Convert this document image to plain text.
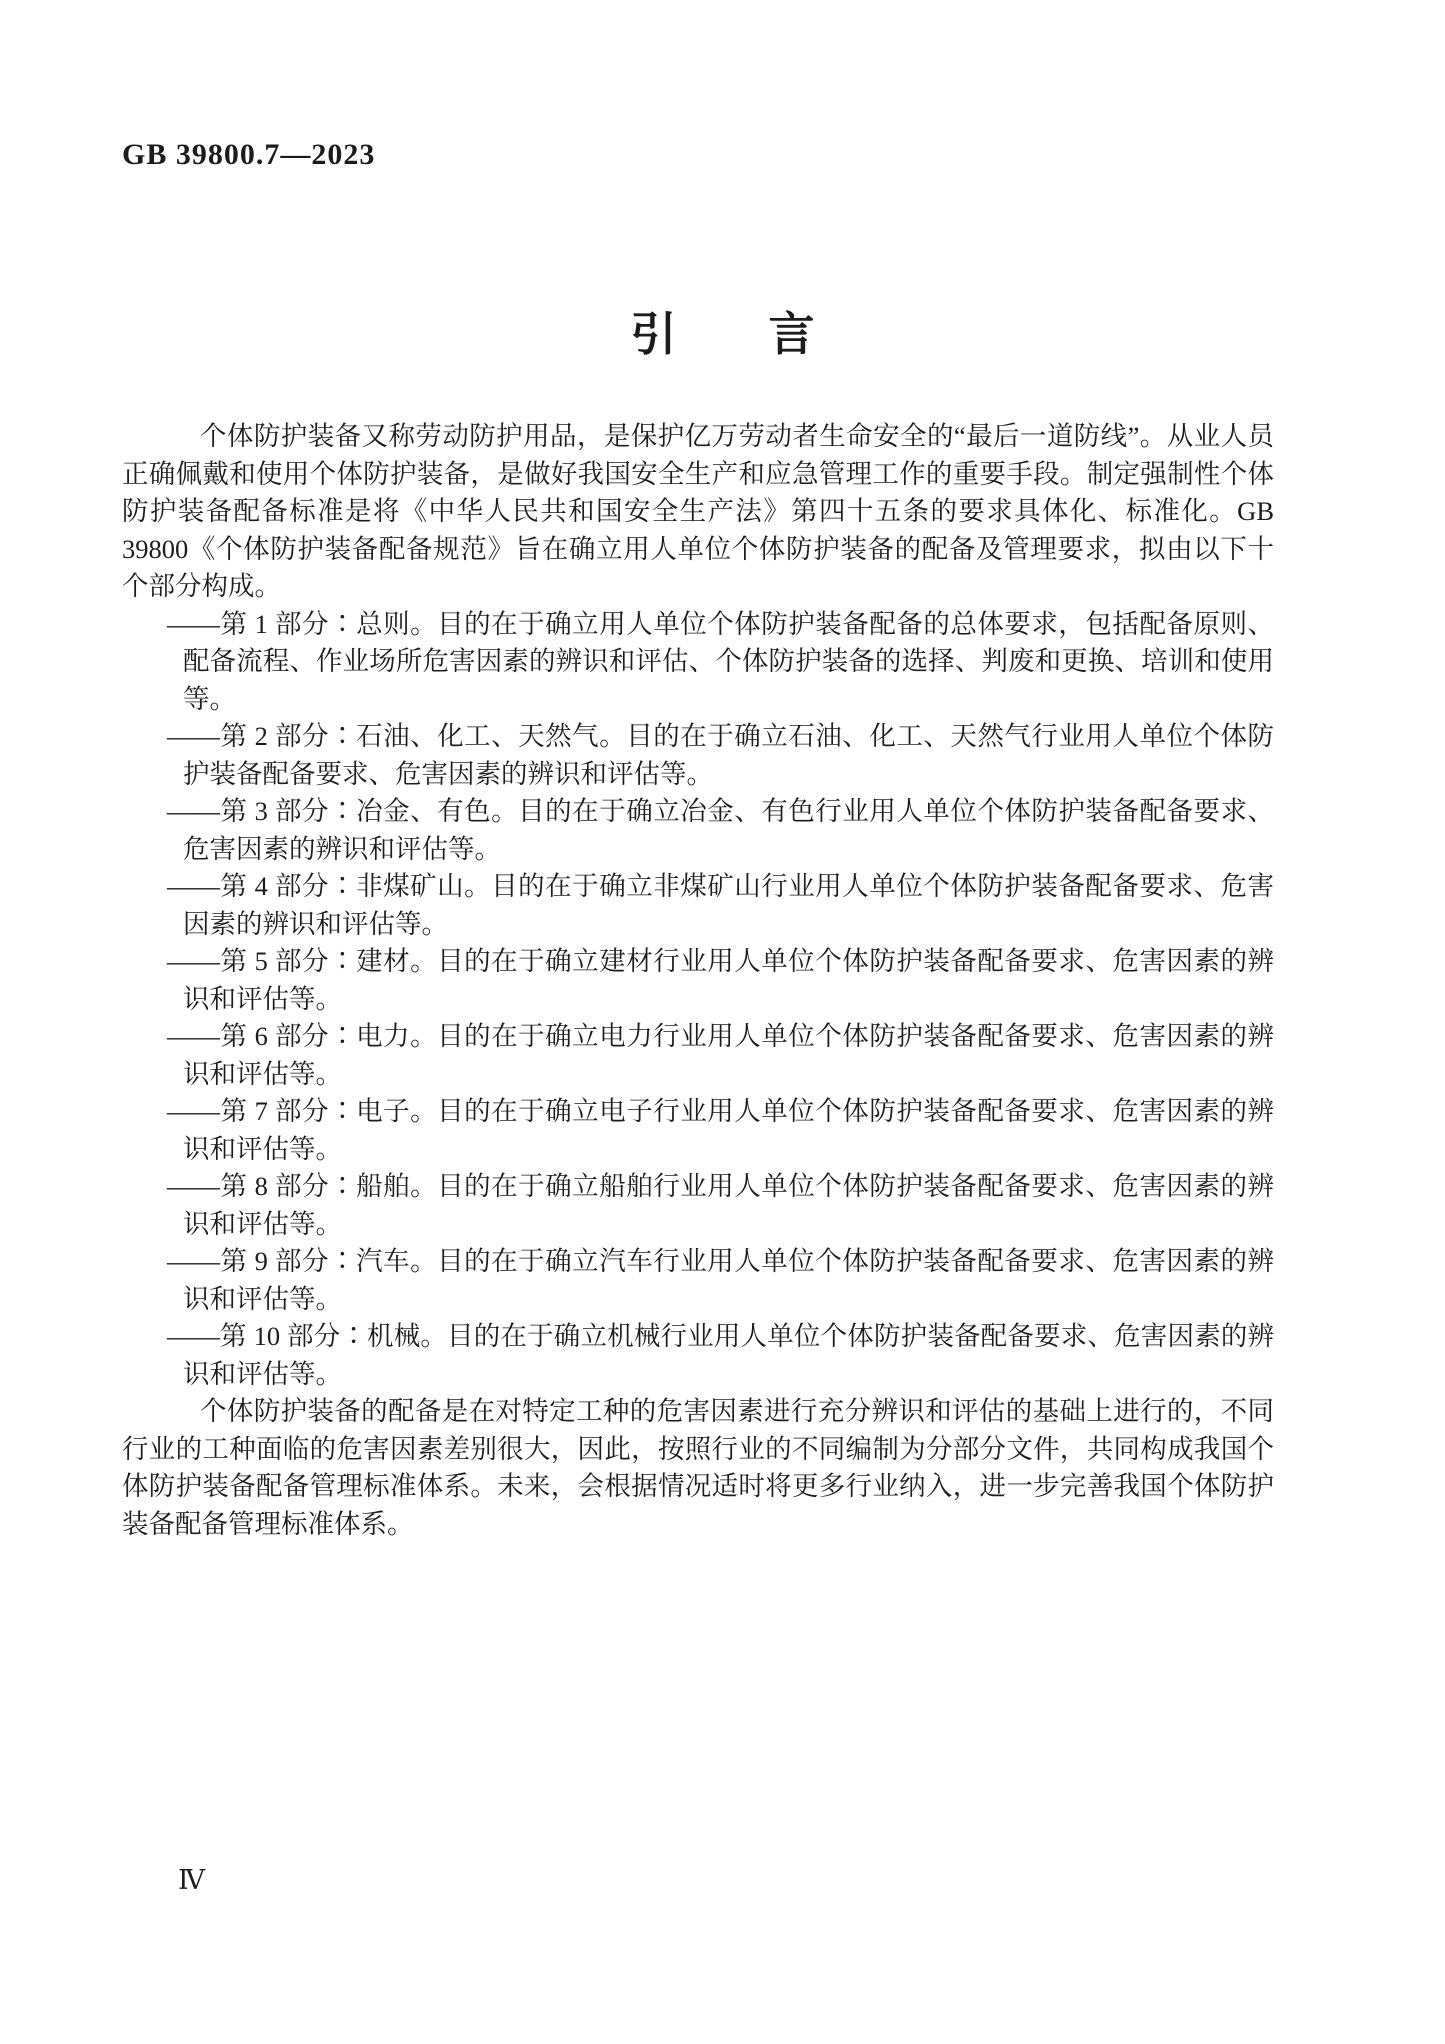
GB 39800.7—2023
引　　言

个体防护装备又称劳动防护用品，是保护亿万劳动者生命安全的“最后一道防线”。从业人员正确佩戴和使用个体防护装备，是做好我国安全生产和应急管理工作的重要手段。制定强制性个体防护装备配备标准是将《中华人民共和国安全生产法》第四十五条的要求具体化、标准化。GB 39800《个体防护装备配备规范》旨在确立用人单位个体防护装备的配备及管理要求，拟由以下十个部分构成。

——第 1 部分∶总则。目的在于确立用人单位个体防护装备配备的总体要求，包括配备原则、配备流程、作业场所危害因素的辨识和评估、个体防护装备的选择、判废和更换、培训和使用等。
——第 2 部分∶石油、化工、天然气。目的在于确立石油、化工、天然气行业用人单位个体防护装备配备要求、危害因素的辨识和评估等。
——第 3 部分∶冶金、有色。目的在于确立冶金、有色行业用人单位个体防护装备配备要求、危害因素的辨识和评估等。
——第 4 部分∶非煤矿山。目的在于确立非煤矿山行业用人单位个体防护装备配备要求、危害因素的辨识和评估等。
——第 5 部分∶建材。目的在于确立建材行业用人单位个体防护装备配备要求、危害因素的辨识和评估等。
——第 6 部分∶电力。目的在于确立电力行业用人单位个体防护装备配备要求、危害因素的辨识和评估等。
——第 7 部分∶电子。目的在于确立电子行业用人单位个体防护装备配备要求、危害因素的辨识和评估等。
——第 8 部分∶船舶。目的在于确立船舶行业用人单位个体防护装备配备要求、危害因素的辨识和评估等。
——第 9 部分∶汽车。目的在于确立汽车行业用人单位个体防护装备配备要求、危害因素的辨识和评估等。
——第 10 部分∶机械。目的在于确立机械行业用人单位个体防护装备配备要求、危害因素的辨识和评估等。

个体防护装备的配备是在对特定工种的危害因素进行充分辨识和评估的基础上进行的，不同行业的工种面临的危害因素差别很大，因此，按照行业的不同编制为分部分文件，共同构成我国个体防护装备配备管理标准体系。未来，会根据情况适时将更多行业纳入，进一步完善我国个体防护装备配备管理标准体系。

Ⅳ
